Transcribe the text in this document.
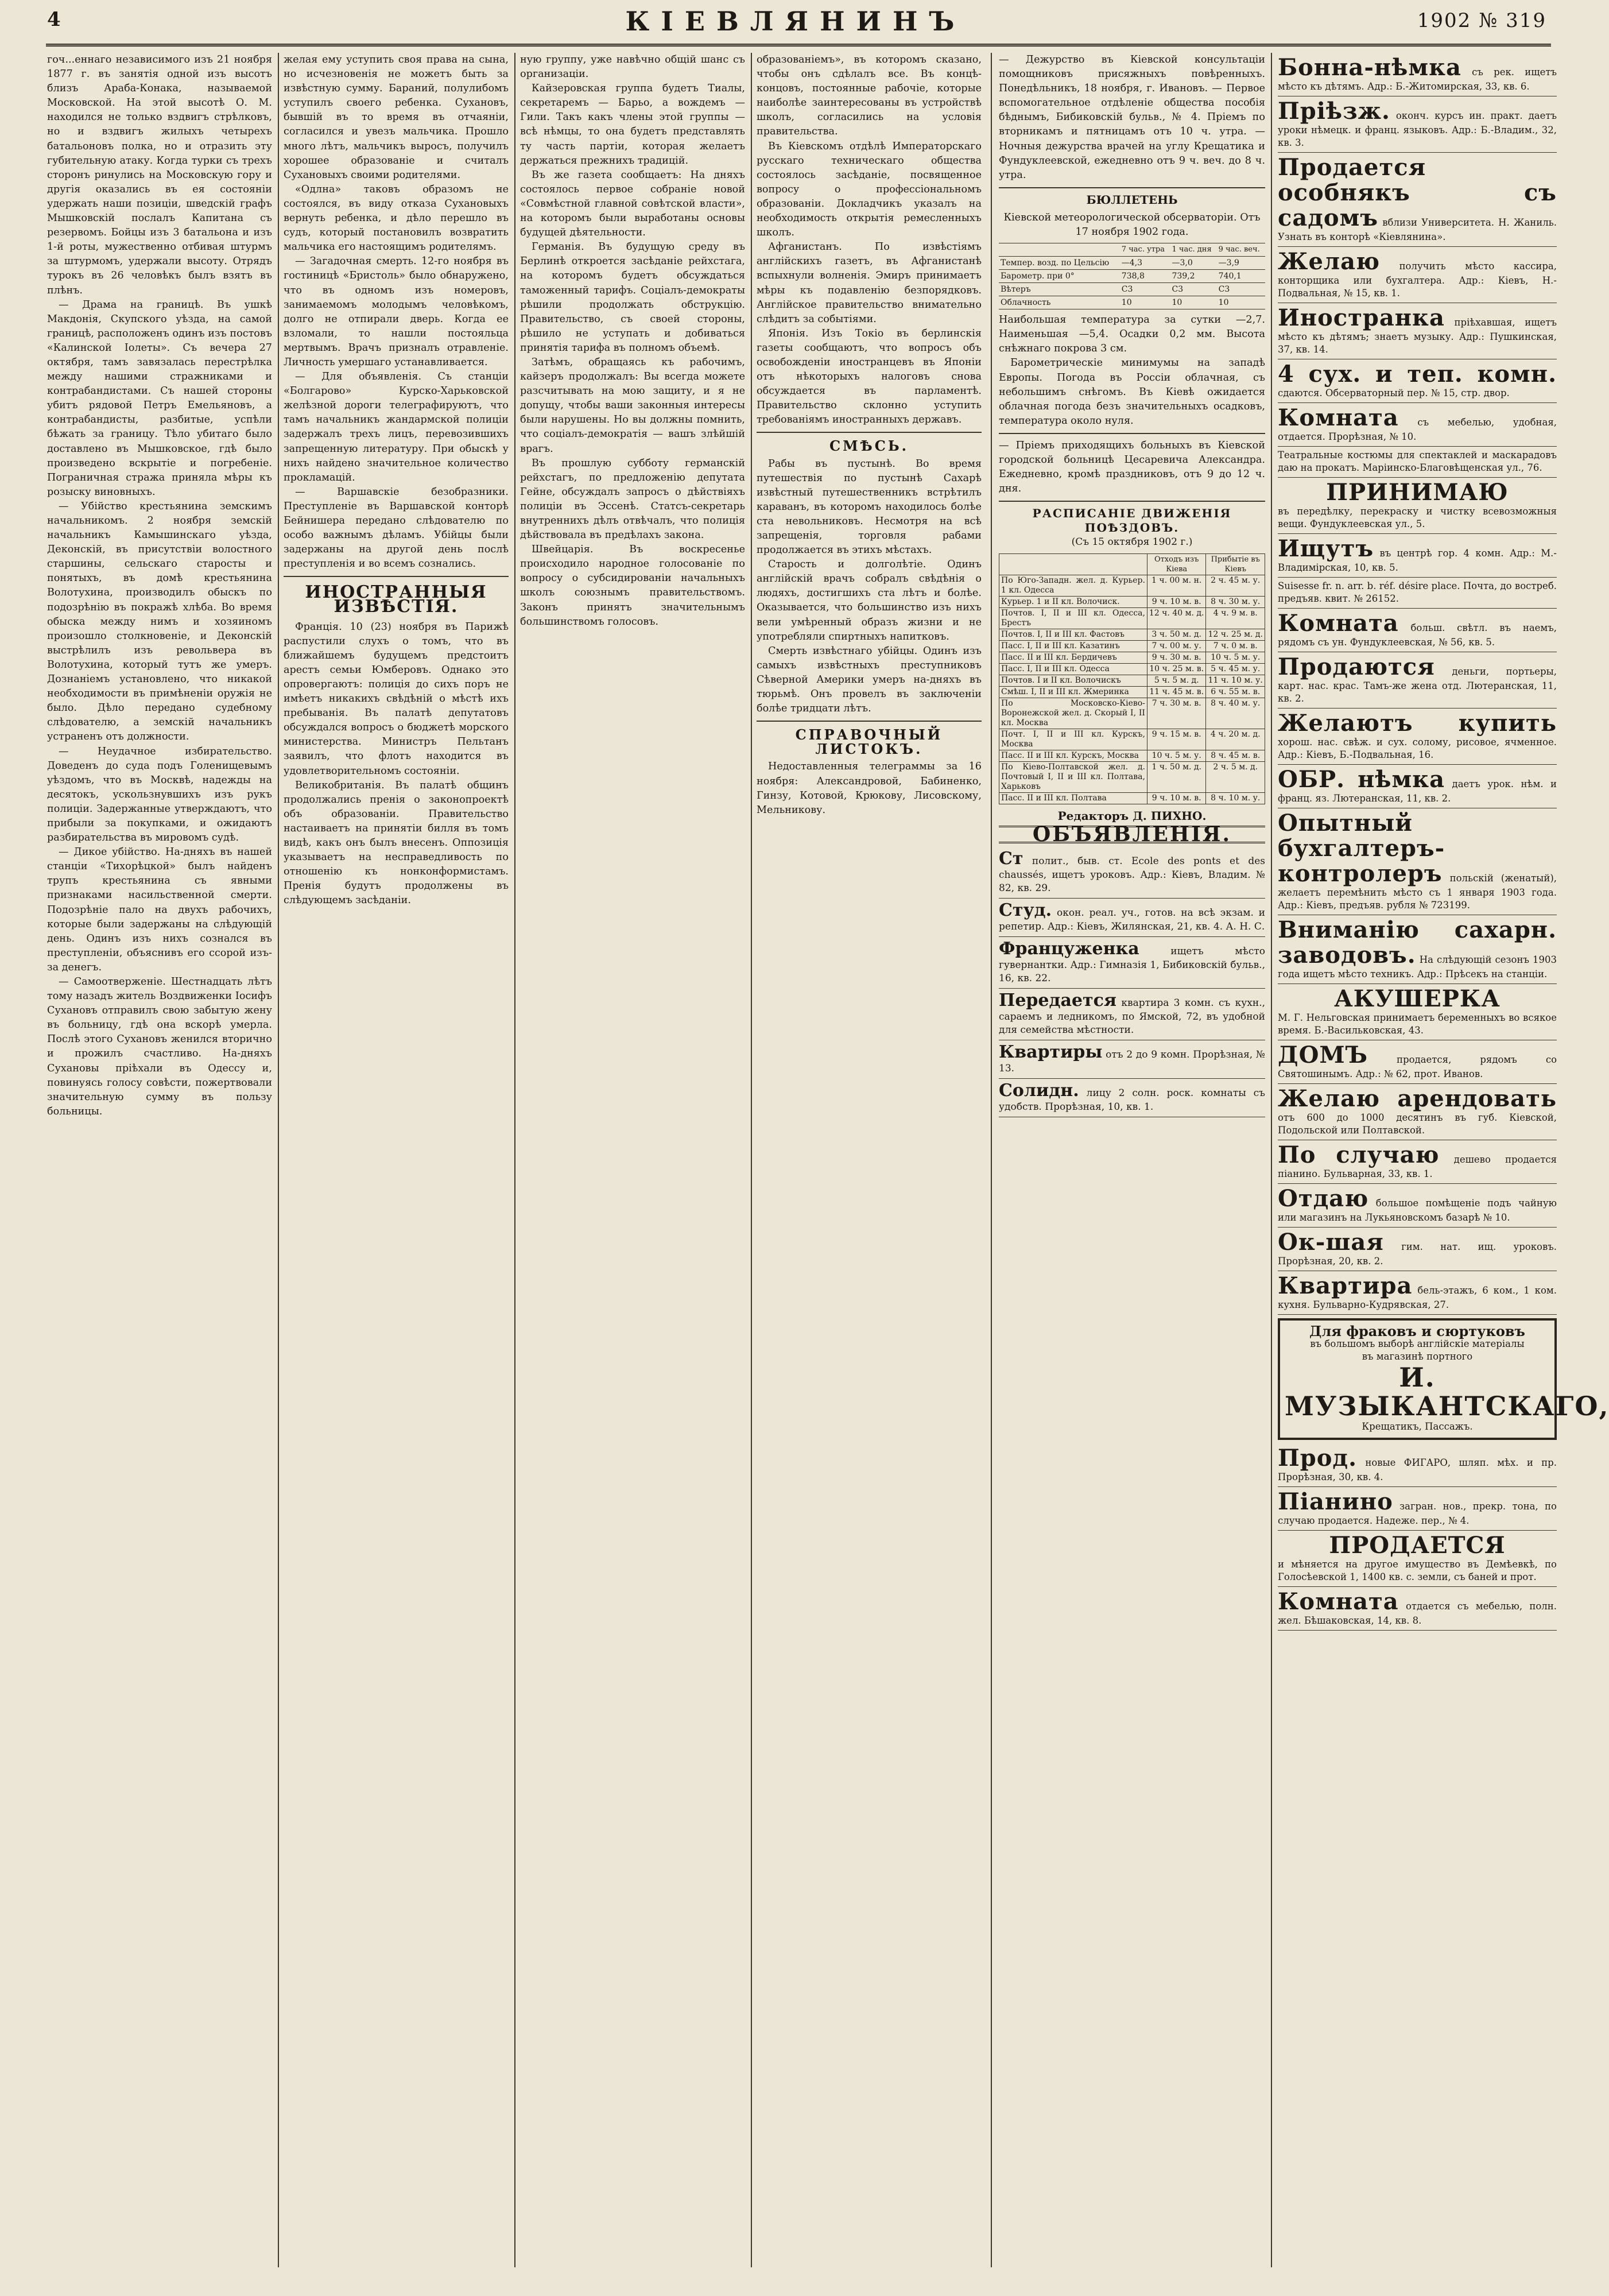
4	КІЕВЛЯНИНЪ	1902 № 319

гоч...еннаго независимого изъ 21 ноября 1877 г. въ занятія одной изъ высотъ близъ Араба-Конака, называемой Московской. На этой высотѣ О. М. находился не только вздвигъ стрѣлковъ, но и вздвигъ жилыхъ четырехъ батальоновъ полка, но и отразить эту губительную атаку. Когда турки съ трехъ сторонъ ринулись на Московскую гору и другія оказались въ ея состояніи удержать наши позиціи, шведскій графъ Мышковскій послалъ Капитана съ резервомъ. Бойцы изъ 3 батальона и изъ 1-й роты, мужественно отбивая штурмъ за штурмомъ, удержали высоту. Отрядъ турокъ въ 26 человѣкъ былъ взятъ въ плѣнъ.

— Драма на границѣ. Въ ушкѣ Макдонія, Скупского уѣзда, на самой границѣ, расположенъ одинъ изъ постовъ «Калинской Іолеты». Съ вечера 27 октября, тамъ завязалась перестрѣлка между нашими стражниками и контрабандистами. Съ нашей стороны убитъ рядовой Петръ Емельяновъ, а контрабандисты, разбитые, успѣли бѣжать за границу. Тѣло убитаго было доставлено въ Мышковское, гдѣ было произведено вскрытіе и погребеніе. Пограничная стража приняла мѣры къ розыску виновныхъ.

— Убійство крестьянина земскимъ начальникомъ. 2 ноября земскій начальникъ Камышинскаго уѣзда, Деконскій, въ присутствіи волостного старшины, сельскаго старосты и понятыхъ, въ домѣ крестьянина Волотухина, производилъ обыскъ по подозрѣнію въ покражѣ хлѣба. Во время обыска между нимъ и хозяиномъ произошло столкновеніе, и Деконскій выстрѣлилъ изъ револьвера въ Волотухина, который тутъ же умеръ. Дознаніемъ установлено, что никакой необходимости въ примѣненіи оружія не было. Дѣло передано судебному слѣдователю, а земскій начальникъ устраненъ отъ должности.

— Неудачное избирательство. Доведенъ до суда подъ Голенищевымъ уѣздомъ, что въ Москвѣ, надежды на десятокъ, ускользнувшихъ изъ рукъ полиціи. Задержанные утверждаютъ, что прибыли за покупками, и ожидаютъ разбирательства въ мировомъ судѣ.

— Дикое убійство. На-дняхъ въ нашей станціи «Тихорѣцкой» былъ найденъ трупъ крестьянина съ явными признаками насильственной смерти. Подозрѣніе пало на двухъ рабочихъ, которые были задержаны на слѣдующій день. Одинъ изъ нихъ сознался въ преступленіи, объяснивъ его ссорой изъ-за денегъ.

— Самоотверженіе. Шестнадцать лѣтъ тому назадъ житель Воздвиженки Іосифъ Сухановъ отправилъ свою забытую жену въ больницу, гдѣ она вскорѣ умерла. Послѣ этого Сухановъ женился вторично и прожилъ счастливо. На-дняхъ Сухановы пріѣхали въ Одессу и, повинуясь голосу совѣсти, пожертвовали значительную сумму въ пользу больницы.

желая ему уступить своя права на сына, но исчезновенія не можетъ быть за извѣстную сумму. Бараний, полулибомъ уступилъ своего ребенка. Сухановъ, бывшій въ то время въ отчаяніи, согласился и увезъ мальчика. Прошло много лѣтъ, мальчикъ выросъ, получилъ хорошее образованіе и считалъ Сухановыхъ своими родителями.

«Одлна» таковъ образомъ не состоялся, въ виду отказа Сухановыхъ вернуть ребенка, и дѣло перешло въ судъ, который постановилъ возвратить мальчика его настоящимъ родителямъ.

— Загадочная смерть. 12-го ноября въ гостиницѣ «Бристоль» было обнаружено, что въ одномъ изъ номеровъ, занимаемомъ молодымъ человѣкомъ, долго не отпирали дверь. Когда ее взломали, то нашли постояльца мертвымъ. Врачъ призналъ отравленіе. Личность умершаго устанавливается.

— Для объявленія. Съ станціи «Болгарово» Курско-Харьковской желѣзной дороги телеграфируютъ, что тамъ начальникъ жандармской полиціи задержалъ трехъ лицъ, перевозившихъ запрещенную литературу. При обыскѣ у нихъ найдено значительное количество прокламацій.

— Варшавскіе безобразники. Преступленіе въ Варшавской конторѣ Бейнишера передано слѣдователю по особо важнымъ дѣламъ. Убійцы были задержаны на другой день послѣ преступленія и во всемъ сознались.

ИНОСТРАННЫЯ ИЗВѢСТІЯ.

Франція. 10 (23) ноября въ Парижѣ распустили слухъ о томъ, что въ ближайшемъ будущемъ предстоитъ арестъ семьи Юмберовъ. Однако это опровергаютъ: полиція до сихъ поръ не имѣетъ никакихъ свѣдѣній о мѣстѣ ихъ пребыванія. Въ палатѣ депутатовъ обсуждался вопросъ о бюджетѣ морского министерства. Министръ Пельтанъ заявилъ, что флотъ находится въ удовлетворительномъ состояніи.

Великобританія. Въ палатѣ общинъ продолжались пренія о законопроектѣ объ образованіи. Правительство настаиваетъ на принятіи билля въ томъ видѣ, какъ онъ былъ внесенъ. Оппозиція указываетъ на несправедливость по отношенію къ нонконформистамъ. Пренія будутъ продолжены въ слѣдующемъ засѣданіи.

ную группу, уже навѣчно общій шанс съ организаціи.

Кайзеровская группа будетъ Тиалы, секретаремъ — Барьо, а вождемъ — Гили. Такъ какъ члены этой группы — всѣ нѣмцы, то она будетъ представлять ту часть партіи, которая желаетъ держаться прежнихъ традицій.

Въ же газета сообщаетъ: На дняхъ состоялось первое собраніе новой «Совмѣстной главной совѣтской власти», на которомъ были выработаны основы будущей дѣятельности.

Германія. Въ будущую среду въ Берлинѣ откроется засѣданіе рейхстага, на которомъ будетъ обсуждаться таможенный тарифъ. Соціалъ-демократы рѣшили продолжать обструкцію. Правительство, съ своей стороны, рѣшило не уступать и добиваться принятія тарифа въ полномъ объемѣ.

Затѣмъ, обращаясь къ рабочимъ, кайзеръ продолжалъ: Вы всегда можете разсчитывать на мою защиту, и я не допущу, чтобы ваши законныя интересы были нарушены. Но вы должны помнить, что соціалъ-демократія — вашъ злѣйшій врагъ.

Въ прошлую субботу германскій рейхстагъ, по предложенію депутата Гейне, обсуждалъ запросъ о дѣйствіяхъ полиціи въ Эссенѣ. Статсъ-секретарь внутреннихъ дѣлъ отвѣчалъ, что полиція дѣйствовала въ предѣлахъ закона.

Швейцарія. Въ воскресенье происходило народное голосованіе по вопросу о субсидированіи начальныхъ школъ союзнымъ правительствомъ. Законъ принятъ значительнымъ большинствомъ голосовъ.

образованіемъ», въ которомъ сказано, чтобы онъ сдѣлалъ все. Въ концѣ-концовъ, постоянные рабочіе, которые наиболѣе заинтересованы въ устройствѣ школъ, согласились на условія правительства.

Въ Кіевскомъ отдѣлѣ Императорскаго русскаго техническаго общества состоялось засѣданіе, посвященное вопросу о профессіональномъ образованіи. Докладчикъ указалъ на необходимость открытія ремесленныхъ школъ.

Афганистанъ. По извѣстіямъ англійскихъ газетъ, въ Афганистанѣ вспыхнули волненія. Эмиръ принимаетъ мѣры къ подавленію безпорядковъ. Англійское правительство внимательно слѣдитъ за событіями.

Японія. Изъ Токіо въ берлинскія газеты сообщаютъ, что вопросъ объ освобожденіи иностранцевъ въ Японіи отъ нѣкоторыхъ налоговъ снова обсуждается въ парламентѣ. Правительство склонно уступить требованіямъ иностранныхъ державъ.

СМѢСЬ.

Рабы въ пустынѣ. Во время путешествія по пустынѣ Сахарѣ извѣстный путешественникъ встрѣтилъ караванъ, въ которомъ находилось болѣе ста невольниковъ. Несмотря на всѣ запрещенія, торговля рабами продолжается въ этихъ мѣстахъ.

Старость и долголѣтіе. Одинъ англійскій врачъ собралъ свѣдѣнія о людяхъ, достигшихъ ста лѣтъ и болѣе. Оказывается, что большинство изъ нихъ вели умѣренный образъ жизни и не употребляли спиртныхъ напитковъ.

Смерть извѣстнаго убійцы. Одинъ изъ самыхъ извѣстныхъ преступниковъ Сѣверной Америки умеръ на-дняхъ въ тюрьмѣ. Онъ провелъ въ заключеніи болѣе тридцати лѣтъ.

СПРАВОЧНЫЙ ЛИСТОКЪ.

Недоставленныя телеграммы за 16 ноября: Александровой, Бабиненко, Гинзу, Котовой, Крюкову, Лисовскому, Мельникову.

— Дежурство въ Кіевской консультаціи помощниковъ присяжныхъ повѣренныхъ. Понедѣльникъ, 18 ноября, г. Ивановъ. — Первое вспомогательное отдѣленіе общества пособія бѣднымъ, Бибиковскій бульв., № 4. Пріемъ по вторникамъ и пятницамъ отъ 10 ч. утра. — Ночныя дежурства врачей на углу Крещатика и Фундуклеевской, ежедневно отъ 9 ч. веч. до 8 ч. утра.

БЮЛЛЕТЕНЬ

Кіевской метеорологической обсерваторіи. Отъ 17 ноября 1902 года.

	7 час. утра	1 час. дня	9 час. веч.
Темпер. возд. по Цельсію	—4,3	—3,0	—3,9
Барометр. при 0°	738,8	739,2	740,1
Вѣтеръ	С3	С3	С3
Облачность	10	10	10

Наибольшая температура за сутки —2,7. Наименьшая —5,4. Осадки 0,2 мм. Высота снѣжнаго покрова 3 см.

Барометрическіе минимумы на западѣ Европы. Погода въ Россіи облачная, съ небольшимъ снѣгомъ. Въ Кіевѣ ожидается облачная погода безъ значительныхъ осадковъ, температура около нуля.

— Пріемъ приходящихъ больныхъ въ Кіевской городской больницѣ Цесаревича Александра. Ежедневно, кромѣ праздниковъ, отъ 9 до 12 ч. дня.

РАСПИСАНІЕ ДВИЖЕНІЯ ПОѢЗДОВЪ.
(Съ 15 октября 1902 г.)
	Отходъ изъ Кіева	Прибытіе въ Кіевъ
По Юго-Западн. жел. д. Курьер. 1 кл. Одесса	1 ч. 00 м. н.	2 ч. 45 м. у.
Курьер. 1 и II кл. Волочиск.	9 ч. 10 м. в.	8 ч. 30 м. у.
Почтов. I, II и III кл. Одесса, Брестъ	12 ч. 40 м. д.	4 ч. 9 м. в.
Почтов. I, II и III кл. Фастовъ	3 ч. 50 м. д.	12 ч. 25 м. д.
Пасс. I, II и III кл. Казатинъ	7 ч. 00 м. у.	7 ч. 0 м. в.
Пасс. II и III кл. Бердичевъ	9 ч. 30 м. в.	10 ч. 5 м. у.
Пасс. I, II и III кл. Одесса	10 ч. 25 м. в.	5 ч. 45 м. у.
Почтов. I и II кл. Волочискъ	5 ч. 5 м. д.	11 ч. 10 м. у.
Смѣш. I, II и III кл. Жмеринка	11 ч. 45 м. в.	6 ч. 55 м. в.
По Московско-Кіево-Воронежской жел. д. Скорый I, II кл. Москва	7 ч. 30 м. в.	8 ч. 40 м. у.
Почт. I, II и III кл. Курскъ, Москва	9 ч. 15 м. в.	4 ч. 20 м. д.
Пасс. II и III кл. Курскъ, Москва	10 ч. 5 м. у.	8 ч. 45 м. в.
По Кіево-Полтавской жел. д. Почтовый I, II и III кл. Полтава, Харьковъ	1 ч. 50 м. д.	2 ч. 5 м. д.
Пасс. II и III кл. Полтава	9 ч. 10 м. в.	8 ч. 10 м. у.
Редакторъ Д. ПИХНО.
ОБЪЯВЛЕНІЯ.
Ст полит., быв. ст. Ecole des ponts et des chaussés, ищетъ уроковъ. Адр.: Кіевъ, Владим. № 82, кв. 29.
Студ. окон. реал. уч., готов. на всѣ экзам. и репетир. Адр.: Кіевъ, Жилянская, 21, кв. 4. А. Н. С.
Француженка	ищетъ мѣсто гувернантки. Адр.: Гимназія 1, Бибиковскій бульв., 16, кв. 22.
Передается квартира 3 комн. съ кухн., сараемъ и ледникомъ, по Ямской, 72, въ удобной для семейства мѣстности.
Квартиры отъ 2 до 9 комн. Прорѣзная, № 13.
Солидн. лицу 2 солн. роск. комнаты съ удобств. Прорѣзная, 10, кв. 1.
Бонна-нѣмка съ рек. ищетъ мѣсто къ дѣтямъ. Адр.: Б.-Житомирская, 33, кв. 6.
Пріѣзж. оконч. курсъ ин. практ. даетъ уроки нѣмецк. и франц. языковъ. Адр.: Б.-Владим., 32, кв. 3.
Продается особнякъ съ садомъ вблизи Университета. Н. Жаниль. Узнать въ конторѣ «Кіевлянина».
Желаю получить мѣсто кассира, конторщика или бухгалтера. Адр.: Кіевъ, Н.-Подвальная, № 15, кв. 1.
Иностранка пріѣхавшая, ищетъ мѣсто къ дѣтямъ; знаетъ музыку. Адр.: Пушкинская, 37, кв. 14.
4 сух. и теп. комн. сдаются. Обсерваторный пер. № 15, стр. двор.
Комната съ мебелью, удобная, отдается. Прорѣзная, № 10.
Театральные костюмы для спектаклей и маскарадовъ даю на прокатъ. Маріинско-Благовѣщенская ул., 76.
ПРИНИМАЮ
въ передѣлку, перекраску и чистку всевозможныя вещи. Фундуклеевская ул., 5.
Ищутъ въ центрѣ гор. 4 комн. Адр.: М.-Владимірская, 10, кв. 5.
Suisesse fr. n. arr. b. réf. désire place. Почта, до востреб. предъяв. квит. № 26152.
Комната больш. свѣтл. въ наемъ, рядомъ съ ун. Фундуклеевская, № 56, кв. 5.
Продаются деньги, портьеры, карт. нас. крас. Тамъ-же жена отд. Лютеранская, 11, кв. 2.
Желаютъ купить хорош. нас. свѣж. и сух. солому, рисовое, ячменное. Адр.: Кіевъ, Б.-Подвальная, 16.
ОБР. нѣмка даетъ урок. нѣм. и франц. яз. Лютеранская, 11, кв. 2.
Опытный бухгалтеръ-контролеръ польскій (женатый), желаетъ перемѣнить мѣсто съ 1 января 1903 года. Адр.: Кіевъ, предъяв. рубля № 723199.
Вниманію сахарн. заводовъ. На слѣдующій сезонъ 1903 года ищетъ мѣсто техникъ. Адр.: Прѣсекъ на станціи.
АКУШЕРКА
М. Г. Нельговская принимаетъ беременныхъ во всякое время. Б.-Васильковская, 43.
ДОМЪ	продается, рядомъ со Святошинымъ. Адр.: № 62, прот. Иванов.
Желаю арендовать отъ 600 до 1000 десятинъ въ губ. Кіевской, Подольской или Полтавской.
По случаю дешево продается піанино. Бульварная, 33, кв. 1.
Отдаю большое помѣщеніе подъ чайную или магазинъ на Лукьяновскомъ базарѣ № 10.
Ок-шая гим. нат. ищ. уроковъ. Прорѣзная, 20, кв. 2.
Квартира бель-этажъ, 6 ком., 1 ком. кухня. Бульварно-Кудрявская, 27.
Для фраковъ и сюртуковъ
въ большомъ выборѣ англійскіе матеріалы
въ магазинѣ портного
И.
МУЗЫКАНТСКАГО,
Крещатикъ, Пассажъ.
Прод. новые ФИГАРО, шляп. мѣх. и пр. Прорѣзная, 30, кв. 4.
Піанино загран. нов., прекр. тона, по случаю продается. Надеже. пер., № 4.
ПРОДАЕТСЯ
и мѣняется на другое имущество въ Демѣевкѣ, по Голосѣевской 1, 1400 кв. с. земли, съ баней и прот.
Комната отдается съ мебелью, полн. жел. Бѣшаковская, 14, кв. 8.
